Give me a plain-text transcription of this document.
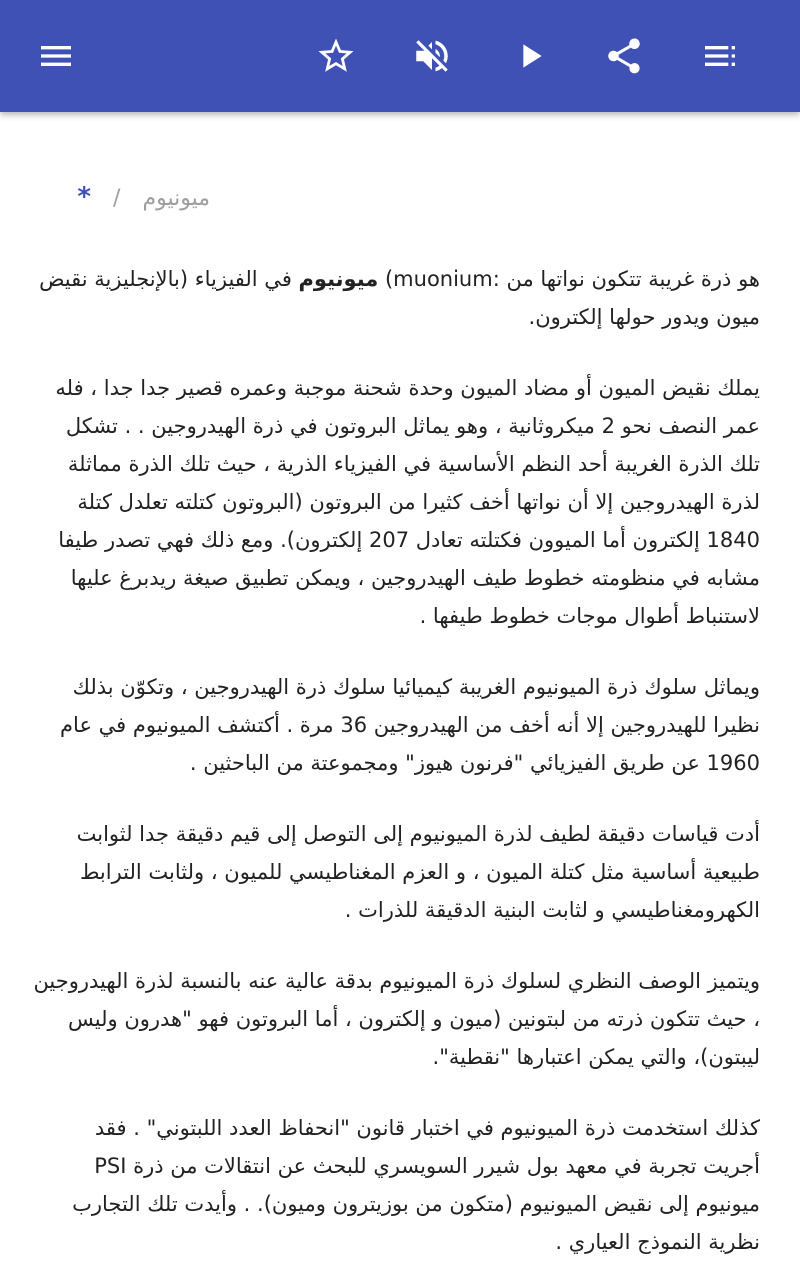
ميونيوم/*

هو ذرة غريبة تتكون نواتها من (muonium: ميونيوم في الفيزياء (بالإنجليزية نقيض ميون ويدور حولها إلكترون.

يملك نقيض الميون أو مضاد الميون وحدة شحنة موجبة وعمره قصير جدا جدا ، فله عمر النصف نحو 2 ميكروثانية ، وهو يماثل البروتون في ذرة الهيدروجين . . تشكل تلك الذرة الغريبة أحد النظم الأساسية في الفيزياء الذرية ، حيث تلك الذرة مماثلة لذرة الهيدروجين إلا أن نواتها أخف كثيرا من البروتون (البروتون كتلته تعلدل كتلة 1840 إلكترون أما الميوون فكتلته تعادل 207 إلكترون). ومع ذلك فهي تصدر طيفا مشابه في منظومته خطوط طيف الهيدروجين ، ويمكن تطبيق صيغة ريدبرغ عليها لاستنباط أطوال موجات خطوط طيفها .

ويماثل سلوك ذرة الميونيوم الغريبة كيميائيا سلوك ذرة الهيدروجين ، وتكوّن بذلك نظيرا للهيدروجين إلا أنه أخف من الهيدروجين 36 مرة . أكتشف الميونيوم في عام 1960 عن طريق الفيزيائي "فرنون هيوز" ومجموعتة من الباحثين .

أدت قياسات دقيقة لطيف لذرة الميونيوم إلى التوصل إلى قيم دقيقة جدا لثوابت طبيعية أساسية مثل كتلة الميون ، و العزم المغناطيسي للميون ، ولثابت الترابط الكهرومغناطيسي و لثابت البنية الدقيقة للذرات .

ويتميز الوصف النظري لسلوك ذرة الميونيوم بدقة عالية عنه بالنسبة لذرة الهيدروجين ، حيث تتكون ذرته من لبتونين (ميون و إلكترون ، أما البروتون فهو "هدرون وليس ليبتون)، والتي يمكن اعتبارها "نقطية".

كذلك استخدمت ذرة الميونيوم في اختبار قانون "انحفاظ العدد اللبتوني" . فقد أجريت تجربة في معهد بول شيرر السويسري للبحث عن انتقالات من ذرة PSI ميونيوم إلى نقيض الميونيوم (متكون من بوزيترون وميون). . وأيدت تلك التجارب نظرية النموذج العياري .
